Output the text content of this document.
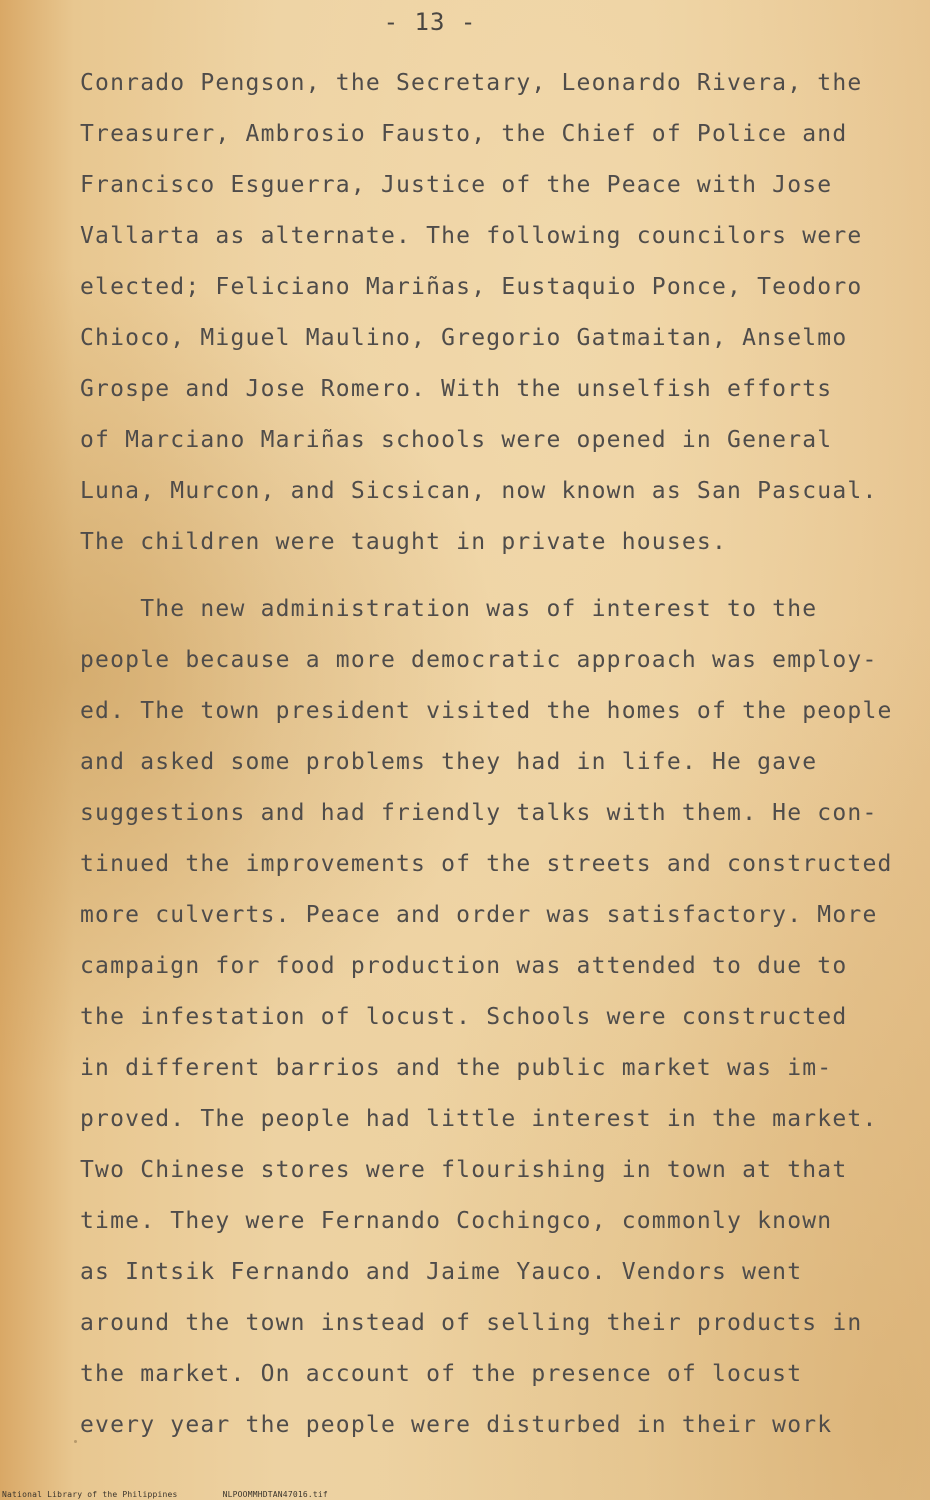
- 13 -
Conrado Pengson, the Secretary, Leonardo Rivera, the
Treasurer, Ambrosio Fausto, the Chief of Police and
Francisco Esguerra, Justice of the Peace with Jose
Vallarta as alternate. The following councilors were
elected; Feliciano Mariñas, Eustaquio Ponce, Teodoro
Chioco, Miguel Maulino, Gregorio Gatmaitan, Anselmo
Grospe and Jose Romero. With the unselfish efforts
of Marciano Mariñas schools were opened in General
Luna, Murcon, and Sicsican, now known as San Pascual.
The children were taught in private houses.
The new administration was of interest to the
people because a more democratic approach was employ-
ed. The town president visited the homes of the people
and asked some problems they had in life. He gave
suggestions and had friendly talks with them. He con-
tinued the improvements of the streets and constructed
more culverts. Peace and order was satisfactory. More
campaign for food production was attended to due to
the infestation of locust. Schools were constructed
in different barrios and the public market was im-
proved. The people had little interest in the market.
Two Chinese stores were flourishing in town at that
time. They were Fernando Cochingco, commonly known
as Intsik Fernando and Jaime Yauco. Vendors went
around the town instead of selling their products in
the market. On account of the presence of locust
every year the people were disturbed in their work
National Library of the Philippines	NLPOOMMHDTAN47016.tif
